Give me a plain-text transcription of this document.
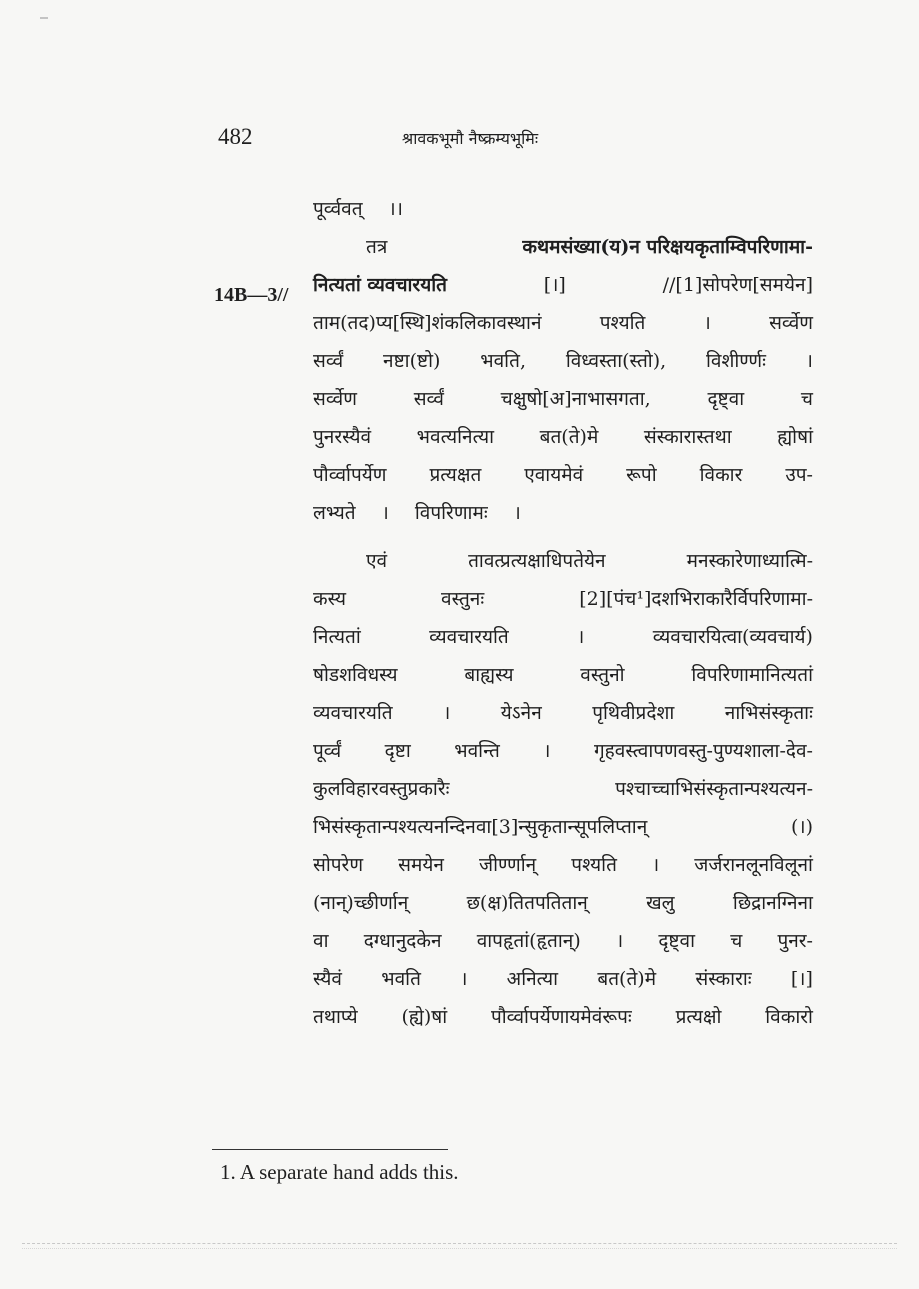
482	श्रावकभूमौ नैष्क्रम्यभूमिः
14B—3//
पूर्व्ववत् ।।
तत्र	कथमसंख्या(य)न परिक्षयकृताम्विपरिणामा-
नित्यतां व्यवचारयति	[।]	//[1]सोपरेण[समयेन]
ताम(तद)प्य[स्थि]शंकलिकावस्थानं	पश्यति	।	सर्व्वेण
सर्व्वं नष्टा(ष्टो) भवति, विध्वस्ता(स्तो), विशीर्ण्णः ।
सर्व्वेण	सर्व्वं	चक्षुषो[अ]नाभासगता,	दृष्ट्वा	च
पुनरस्यैवं भवत्यनित्या बत(ते)मे संस्कारास्तथा ह्योषां
पौर्व्वापर्येण प्रत्यक्षत एवायमेवं रूपो विकार उप-
लभ्यते । विपरिणामः ।
एवं	तावत्प्रत्यक्षाधिपतेयेन	मनस्कारेणाध्यात्मि-
कस्य	वस्तुनः	[2][पंच¹]दशभिराकारैर्विपरिणामा-
नित्यतां	व्यवचारयति	।	व्यवचारयित्वा(व्यवचार्य)
षोडशविधस्य	बाह्यस्य	वस्तुनो	विपरिणामानित्यतां
व्यवचारयति	।	येऽनेन	पृथिवीप्रदेशा	नाभिसंस्कृताः
पूर्व्वं दृष्टा भवन्ति । गृहवस्त्वापणवस्तु-पुण्यशाला-देव-
कुलविहारवस्तुप्रकारैः	पश्चाच्चाभिसंस्कृतान्पश्यत्यन-
भिसंस्कृतान्पश्यत्यनन्दिनवा[3]न्सुकृतान्सूपलिप्तान्	(।)
सोपरेण समयेन जीर्ण्णान् पश्यति । जर्जरानलूनविलूनां
(नान्)च्छीर्णान्	छ(क्ष)तितपतितान्	खलु	छिद्रानग्निना
वा दग्धानुदकेन वापहृतां(हृतान्) । दृष्ट्वा च पुनर-
स्यैवं भवति । अनित्या बत(ते)मे संस्काराः [।]
तथाप्ये (ह्ये)षां पौर्व्वापर्येणायमेवंरूपः प्रत्यक्षो विकारो
1. A separate hand adds this.
